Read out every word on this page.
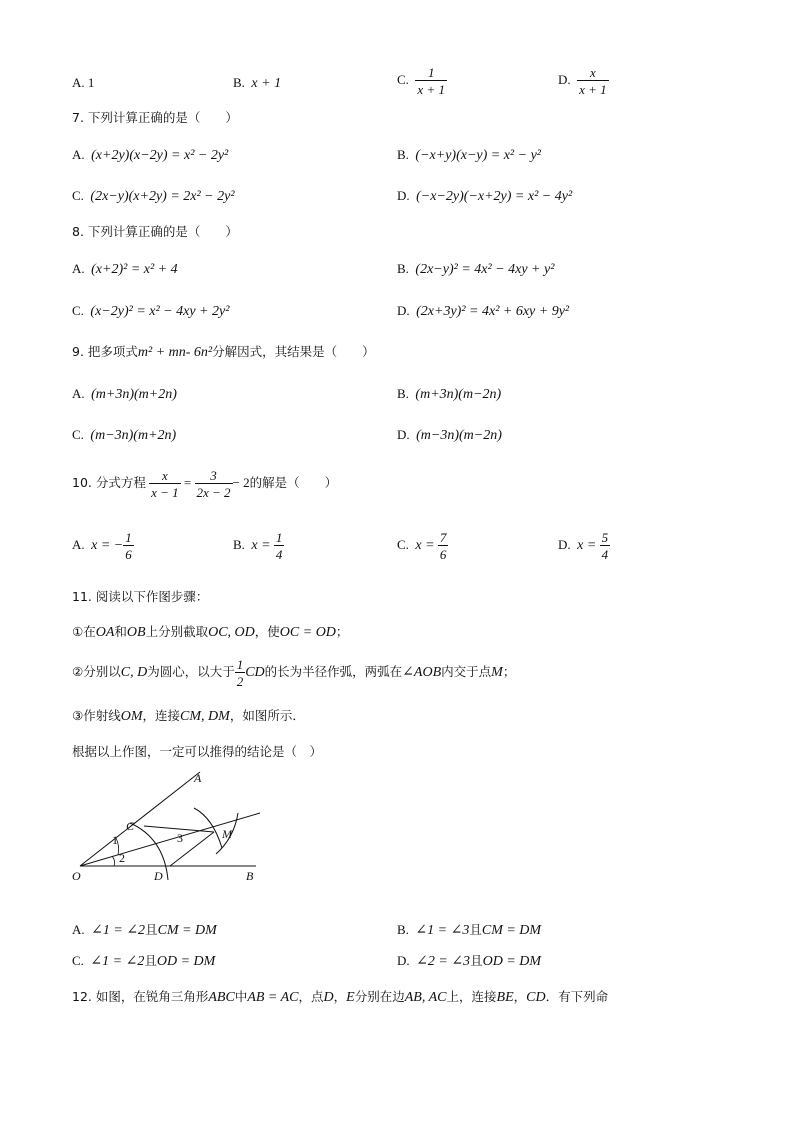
A. 1	B. x + 1	C. $\frac{1}{x + 1}$	D. $\frac{x}{x + 1}$
7. 下列计算正确的是（　　）
A. (x+2y)(x−2y) = x² − 2y²	B. (−x+y)(x−y) = x² − y²
C. (2x−y)(x+2y) = 2x² − 2y²	D. (−x−2y)(−x+2y) = x² − 4y²
8. 下列计算正确的是（　　）
A. (x+2)² = x² + 4	B. (2x−y)² = 4x² − 4xy + y²
C. (x−2y)² = x² − 4xy + 2y²	D. (2x+3y)² = 4x² + 6xy + 9y²
9. 把多项式m² + mn- 6n²分解因式，其结果是（　　）
A. (m+3n)(m+2n)	B. (m+3n)(m−2n)
C. (m−3n)(m+2n)	D. (m−3n)(m−2n)
10. 分式方程 $\frac{x}{x - 1} = \frac{3}{2x - 2} - 2$的解是（　　）
A. x = − $\frac{1}{6}$	B. $x = \frac{1}{4}$	C. $x = \frac{7}{6}$	D. $x = \frac{5}{4}$
11. 阅读以下作图步骤：
①在OA和OB上分别截取OC, OD，使OC = OD；
②分别以C, D为圆心，以大于 $\frac{1}{2}$ CD的长为半径作弧，两弧在∠AOB内交于点M；
③作射线OM，连接CM, DM，如图所示．
根据以上作图，一定可以推得的结论是（　）
A
B
C
D
O
M
1
2
3
A. ∠1 = ∠2且CM = DM	B. ∠1 = ∠3且CM = DM
C. ∠1 = ∠2且OD = DM	D. ∠2 = ∠3且OD = DM
12. 如图，在锐角三角形ABC中AB = AC，点D，E分别在边AB, AC上，连接BE，CD．有下列命
